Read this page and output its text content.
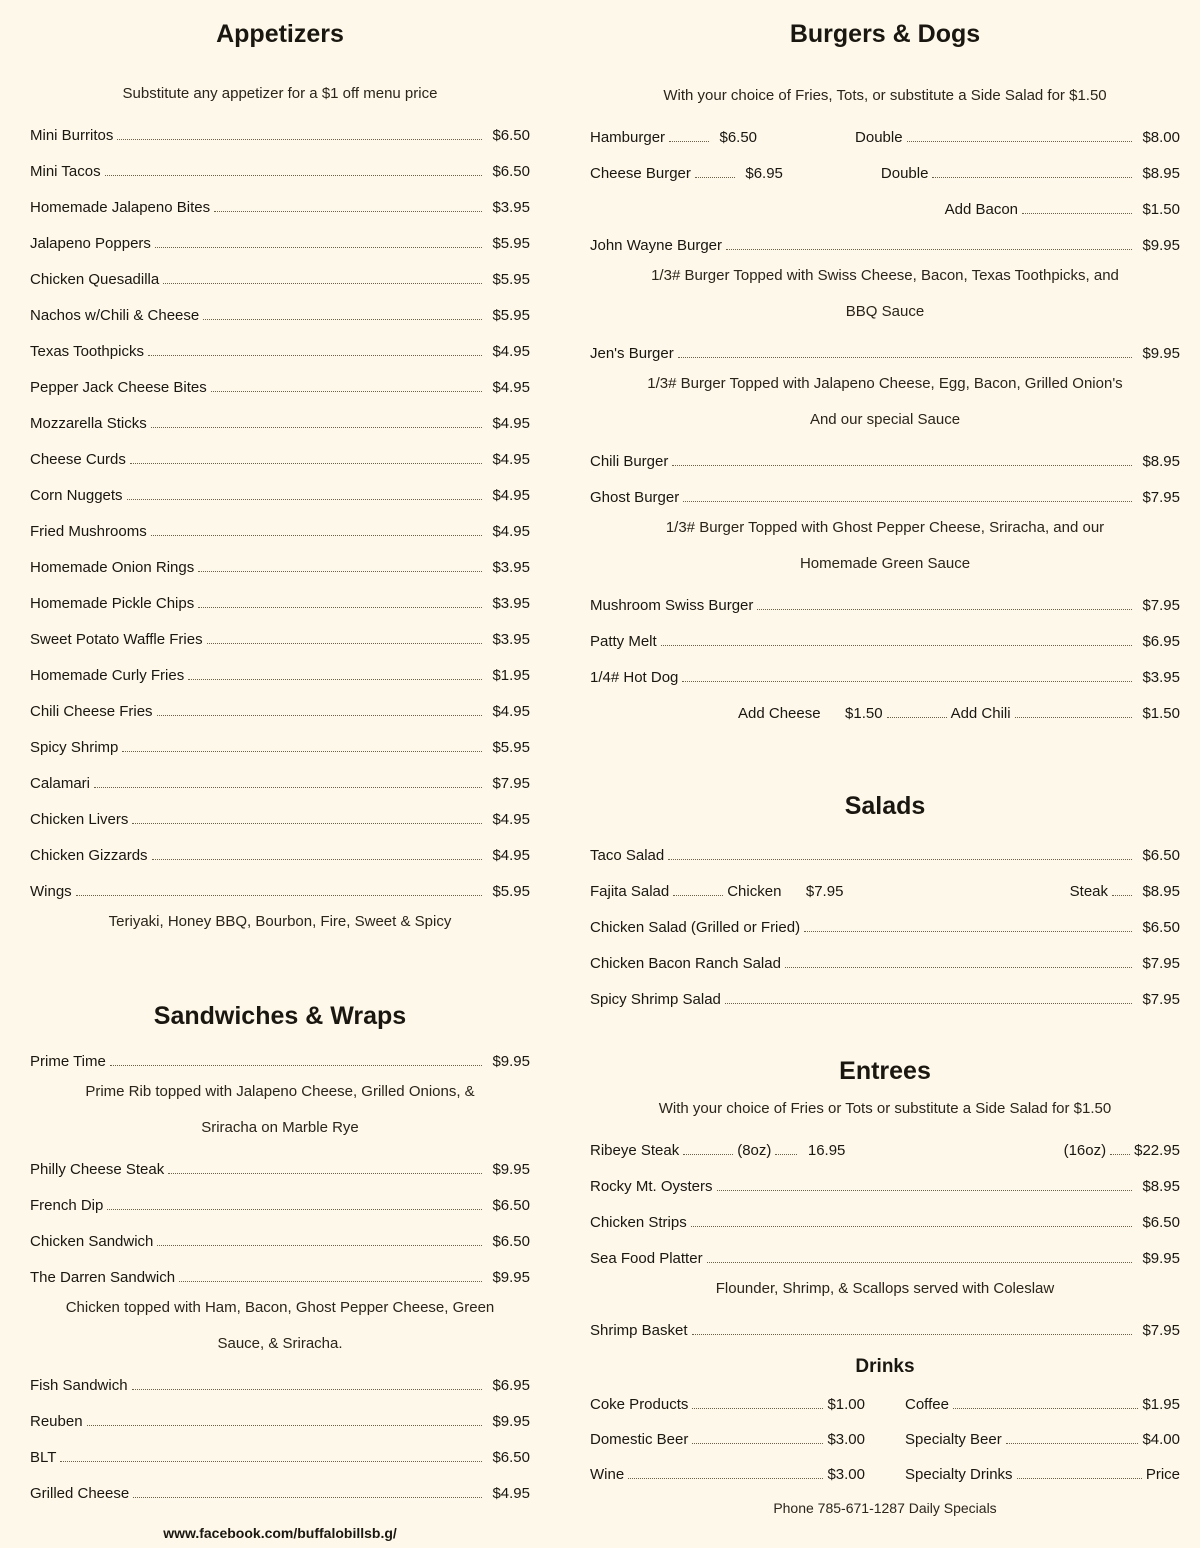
Appetizers
Substitute any appetizer for a $1 off menu price
Mini Burritos	$6.50
Mini Tacos	$6.50
Homemade Jalapeno Bites	$3.95
Jalapeno Poppers	$5.95
Chicken Quesadilla	$5.95
Nachos w/Chili & Cheese	$5.95
Texas Toothpicks	$4.95
Pepper Jack Cheese Bites	$4.95
Mozzarella Sticks	$4.95
Cheese Curds	$4.95
Corn Nuggets	$4.95
Fried Mushrooms	$4.95
Homemade Onion Rings	$3.95
Homemade Pickle Chips	$3.95
Sweet Potato Waffle Fries	$3.95
Homemade Curly Fries	$1.95
Chili Cheese Fries	$4.95
Spicy Shrimp	$5.95
Calamari	$7.95
Chicken Livers	$4.95
Chicken Gizzards	$4.95
Wings	$5.95
Teriyaki, Honey BBQ, Bourbon, Fire, Sweet & Spicy
Sandwiches & Wraps
Prime Time	$9.95
Prime Rib topped with Jalapeno Cheese, Grilled Onions, &
Sriracha on Marble Rye
Philly Cheese Steak	$9.95
French Dip	$6.50
Chicken Sandwich	$6.50
The Darren Sandwich	$9.95
Chicken topped with Ham, Bacon, Ghost Pepper Cheese, Green
Sauce, & Sriracha.
Fish Sandwich	$6.95
Reuben	$9.95
BLT	$6.50
Grilled Cheese	$4.95
www.facebook.com/buffalobillsb.g/
Burgers & Dogs
With your choice of Fries, Tots, or substitute a Side Salad for $1.50
Hamburger	$6.50	Double	$8.00
Cheese Burger	$6.95	Double	$8.95
Add Bacon	$1.50
John Wayne Burger	$9.95
1/3# Burger Topped with Swiss Cheese, Bacon, Texas Toothpicks, and
BBQ Sauce
Jen's Burger	$9.95
1/3# Burger Topped with Jalapeno Cheese, Egg, Bacon, Grilled Onion's
And our special Sauce
Chili Burger	$8.95
Ghost Burger	$7.95
1/3# Burger Topped with Ghost Pepper Cheese, Sriracha, and our
Homemade Green Sauce
Mushroom Swiss Burger	$7.95
Patty Melt	$6.95
1/4# Hot Dog	$3.95
Add Cheese	$1.50	Add Chili	$1.50
Salads
Taco Salad	$6.50
Fajita Salad	Chicken	$7.95	Steak	$8.95
Chicken Salad (Grilled or Fried)	$6.50
Chicken Bacon Ranch Salad	$7.95
Spicy Shrimp Salad	$7.95
Entrees
With your choice of Fries or Tots or substitute a Side Salad for $1.50
Ribeye Steak	(8oz)	16.95	(16oz) $22.95
Rocky Mt. Oysters	$8.95
Chicken Strips	$6.50
Sea Food Platter	$9.95
Flounder, Shrimp, & Scallops served with Coleslaw
Shrimp Basket	$7.95
Drinks
Coke Products	$1.00	Coffee	$1.95
Domestic Beer	$3.00	Specialty Beer	$4.00
Wine	$3.00	Specialty Drinks	Price
Phone 785-671-1287 Daily Specials
